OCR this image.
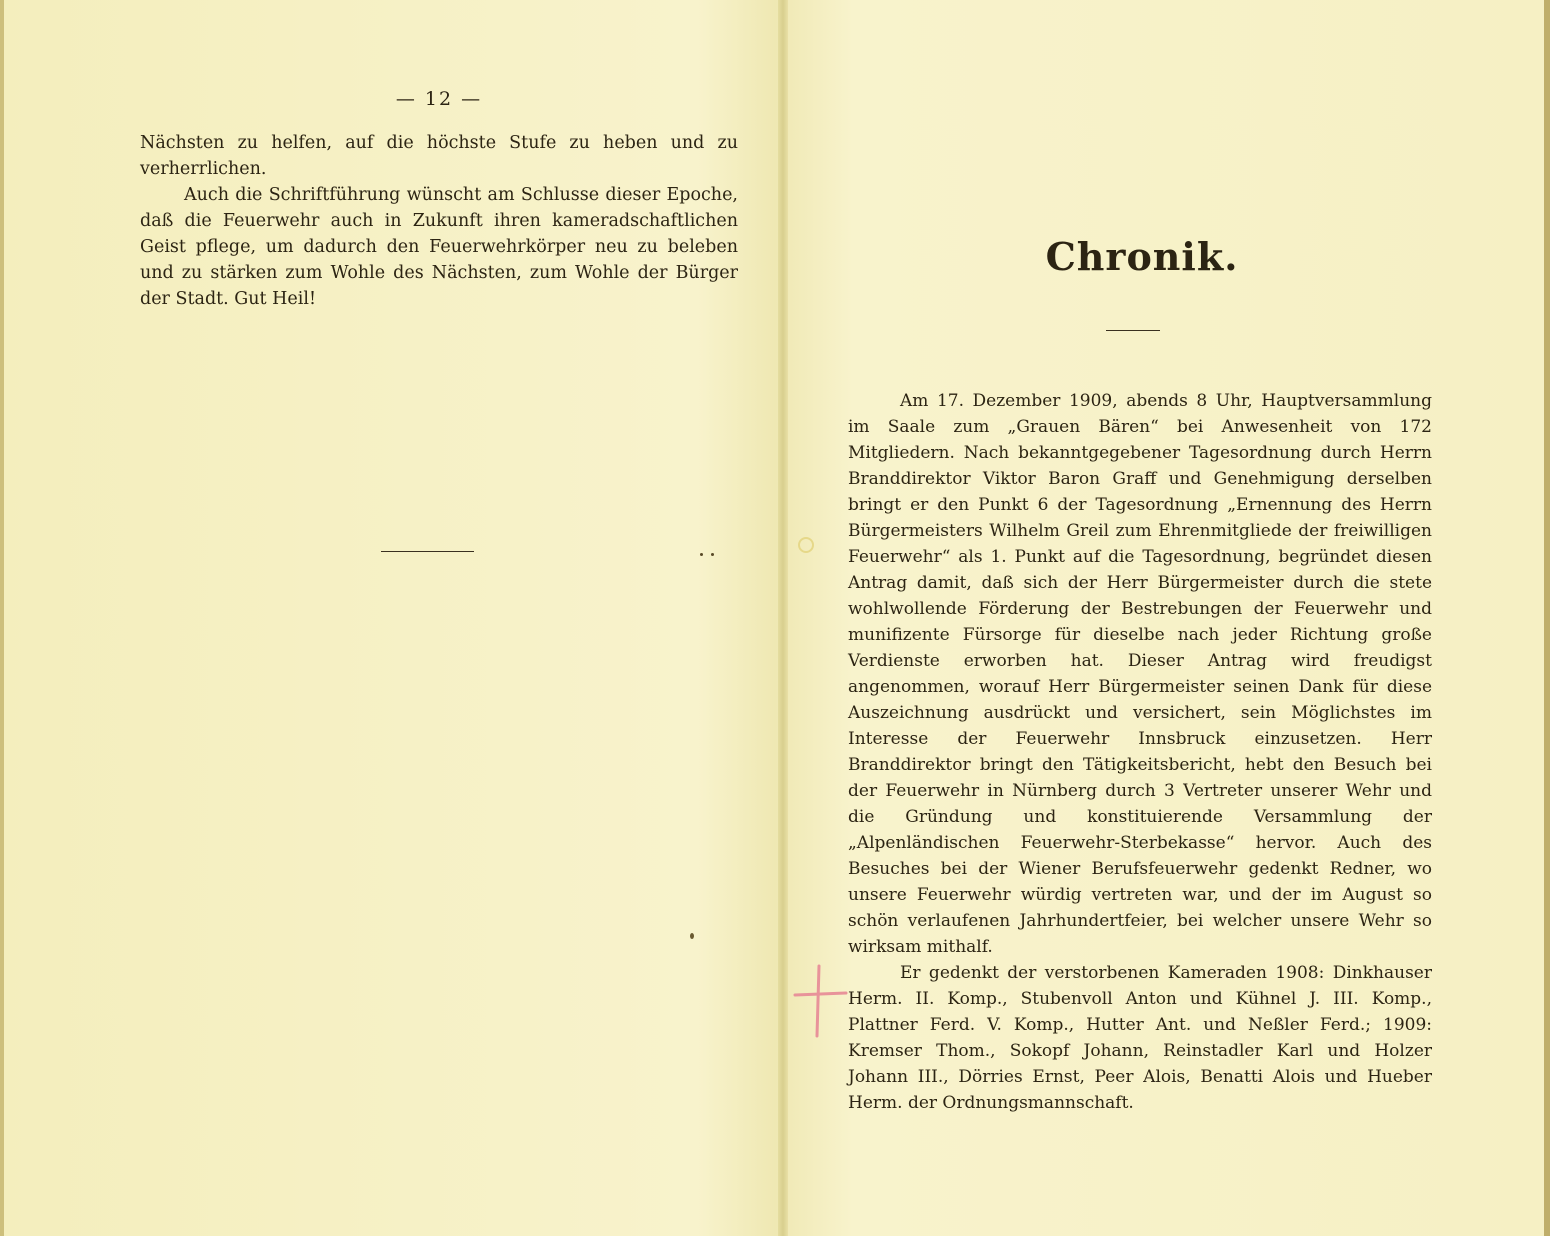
— 12 —

Nächsten zu helfen, auf die höchste Stufe zu heben und zu verherrlichen.

Auch die Schriftführung wünscht am Schlusse dieser Epoche, daß die Feuerwehr auch in Zukunft ihren kameradschaftlichen Geist pflege, um dadurch den Feuerwehrkörper neu zu beleben und zu stärken zum Wohle des Nächsten, zum Wohle der Bürger der Stadt. Gut Heil!

Chronik.

Am 17. Dezember 1909, abends 8 Uhr, Hauptversammlung im Saale zum „Grauen Bären“ bei Anwesenheit von 172 Mitgliedern. Nach bekanntgegebener Tagesordnung durch Herrn Branddirektor Viktor Baron Graff und Genehmigung derselben bringt er den Punkt 6 der Tagesordnung „Ernennung des Herrn Bürgermeisters Wilhelm Greil zum Ehrenmitgliede der freiwilligen Feuerwehr“ als 1. Punkt auf die Tagesordnung, begründet diesen Antrag damit, daß sich der Herr Bürgermeister durch die stete wohlwollende Förderung der Bestrebungen der Feuerwehr und munifizente Fürsorge für dieselbe nach jeder Richtung große Verdienste erworben hat. Dieser Antrag wird freudigst angenommen, worauf Herr Bürgermeister seinen Dank für diese Auszeichnung ausdrückt und versichert, sein Möglichstes im Interesse der Feuerwehr Innsbruck einzusetzen. Herr Branddirektor bringt den Tätigkeitsbericht, hebt den Besuch bei der Feuerwehr in Nürnberg durch 3 Vertreter unserer Wehr und die Gründung und konstituierende Versammlung der „Alpenländischen Feuerwehr-Sterbekasse“ hervor. Auch des Besuches bei der Wiener Berufsfeuerwehr gedenkt Redner, wo unsere Feuerwehr würdig vertreten war, und der im August so schön verlaufenen Jahrhundertfeier, bei welcher unsere Wehr so wirksam mithalf.

Er gedenkt der verstorbenen Kameraden 1908: Dinkhauser Herm. II. Komp., Stubenvoll Anton und Kühnel J. III. Komp., Plattner Ferd. V. Komp., Hutter Ant. und Neßler Ferd.; 1909: Kremser Thom., Sokopf Johann, Reinstadler Karl und Holzer Johann III., Dörries Ernst, Peer Alois, Benatti Alois und Hueber Herm. der Ordnungsmannschaft.
